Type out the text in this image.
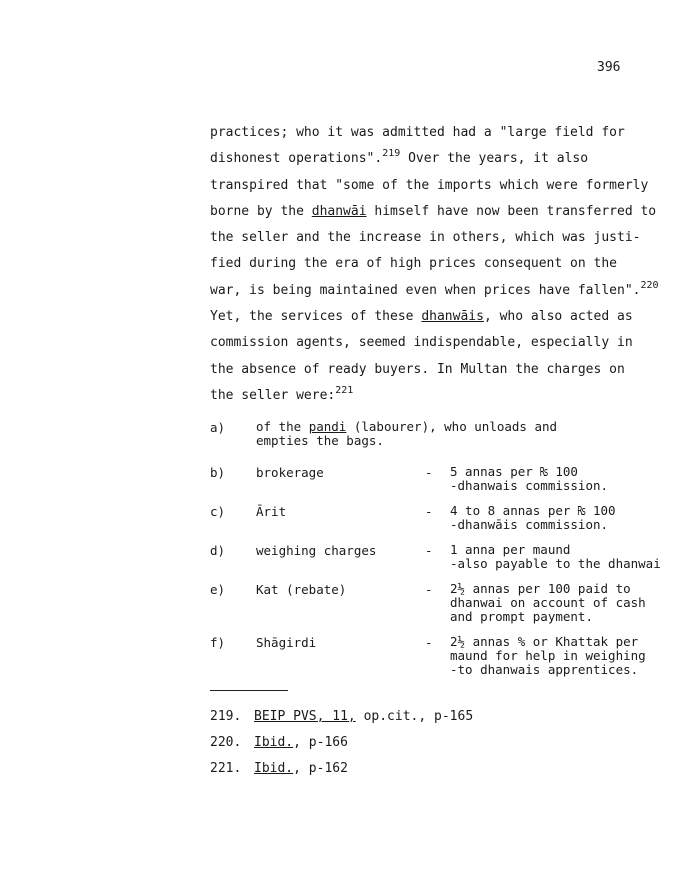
396
practices; who it was admitted had a "large field for
dishonest operations".$^{219}$ Over the years, it also
transpired that "some of the imports which were formerly
borne by the dhanwāi himself have now been transferred to
the seller and the increase in others, which was justi-
fied during the era of high prices consequent on the
war, is being maintained even when prices have fallen".$^{220}$
Yet, the services of these dhanwāis, who also acted as
commission agents, seemed indispendable, especially in
the absence of ready buyers. In Multan the charges on
the seller were:$^{221}$
a) of the pandi (labourer), who unloads and empties the bags.
b) brokerage	- 5 annas per ₨ 100
-dhanwais commission.
c) Ārit	- 4 to 8 annas per ₨ 100
-dhanwāis commission.
d) weighing charges	- 1 anna per maund
-also payable to the dhanwai
e) Kat (rebate)	- 2½ annas per 100 paid to
dhanwai on account of cash
and prompt payment.
f) Shāgirdi	- 2½ annas % or Khattak per
maund for help in weighing
-to dhanwais apprentices.
219. BEIP PVS, 11, op.cit., p-165
220. Ibid., p-166
221. Ibid., p-162
